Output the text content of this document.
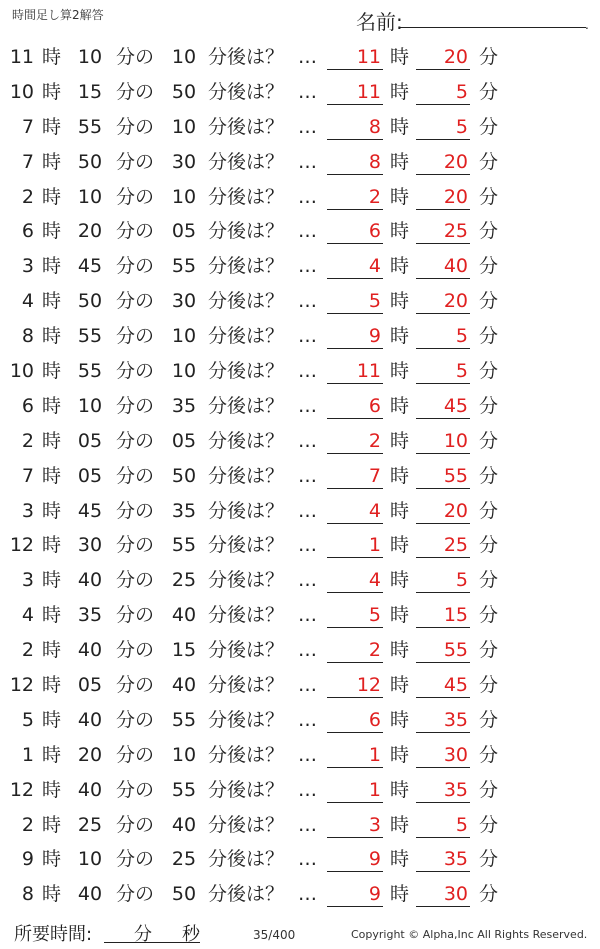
時間足し算2解答	名前:	.
11 時 10 分の 10 分後は？ …	11 時	20 分
10 時 15 分の 50 分後は？ …	11 時	5 分
7 時 55 分の 10 分後は？ …	8 時	5 分
7 時 50 分の 30 分後は？ …	8 時	20 分
2 時 10 分の 10 分後は？ …	2 時	20 分
6 時 20 分の 05 分後は？ …	6 時	25 分
3 時 45 分の 55 分後は？ …	4 時	40 分
4 時 50 分の 30 分後は？ …	5 時	20 分
8 時 55 分の 10 分後は？ …	9 時	5 分
10 時 55 分の 10 分後は？ …	11 時	5 分
6 時 10 分の 35 分後は？ …	6 時	45 分
2 時 05 分の 05 分後は？ …	2 時	10 分
7 時 05 分の 50 分後は？ …	7 時	55 分
3 時 45 分の 35 分後は？ …	4 時	20 分
12 時 30 分の 55 分後は？ …	1 時	25 分
3 時 40 分の 25 分後は？ …	4 時	5 分
4 時 35 分の 40 分後は？ …	5 時	15 分
2 時 40 分の 15 分後は？ …	2 時	55 分
12 時 05 分の 40 分後は？ …	12 時	45 分
5 時 40 分の 55 分後は？ …	6 時	35 分
1 時 20 分の 10 分後は？ …	1 時	30 分
12 時 40 分の 55 分後は？ …	1 時	35 分
2 時 25 分の 40 分後は？ …	3 時	5 分
9 時 10 分の 25 分後は？ …	9 時	35 分
8 時 40 分の 50 分後は？ …	9 時	30 分
所要時間: 分 秒	35/400	Copyright © Alpha,Inc All Rights Reserved.
